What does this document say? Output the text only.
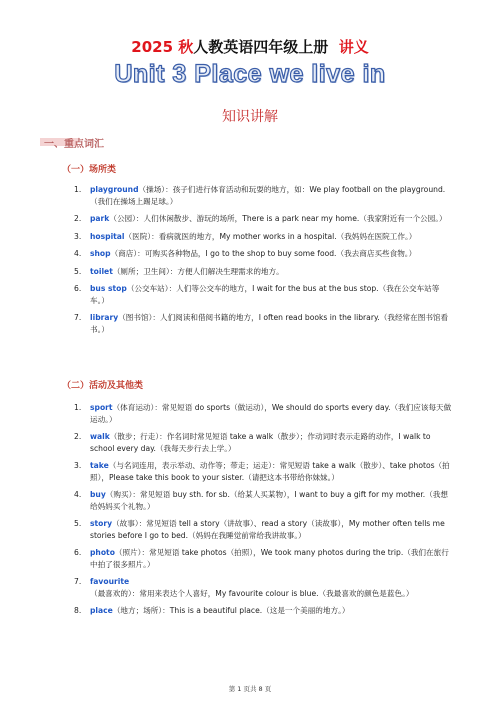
2025 秋人教英语四年级上册 讲义
Unit 3 Place we live in
知识讲解
一、重点词汇
（一）场所类
1. playground（操场）：孩子们进行体育活动和玩耍的地方，如：We play football on the playground.（我们在操场上踢足球。）
2. park（公园）：人们休闲散步、游玩的场所，There is a park near my home.（我家附近有一个公园。）
3. hospital（医院）：看病就医的地方，My mother works in a hospital.（我妈妈在医院工作。）
4. shop（商店）：可购买各种物品，I go to the shop to buy some food.（我去商店买些食物。）
5. toilet（厕所；卫生间）：方便人们解决生理需求的地方。
6. bus stop（公交车站）：人们等公交车的地方，I wait for the bus at the bus stop.（我在公交车站等车。）
7. library（图书馆）：人们阅读和借阅书籍的地方，I often read books in the library.（我经常在图书馆看书。）
（二）活动及其他类
1. sport（体育运动）：常见短语 do sports（做运动），We should do sports every day.（我们应该每天做运动。）
2. walk（散步；行走）：作名词时常见短语 take a walk（散步）；作动词时表示走路的动作，I walk to school every day.（我每天步行去上学。）
3. take（与名词连用，表示举动、动作等；带走；运走）：常见短语 take a walk（散步）、take photos（拍照），Please take this book to your sister.（请把这本书带给你妹妹。）
4. buy（购买）：常见短语 buy sth. for sb.（给某人买某物），I want to buy a gift for my mother.（我想给妈妈买个礼物。）
5. story（故事）：常见短语 tell a story（讲故事）、read a story（读故事），My mother often tells me stories before I go to bed.（妈妈在我睡觉前常给我讲故事。）
6. photo（照片）：常见短语 take photos（拍照），We took many photos during the trip.（我们在旅行中拍了很多照片。）
7. favourite（最喜欢的）：常用来表达个人喜好，My favourite colour is blue.（我最喜欢的颜色是蓝色。）
8. place（地方；场所）：This is a beautiful place.（这是一个美丽的地方。）
第 1 页共 8 页
